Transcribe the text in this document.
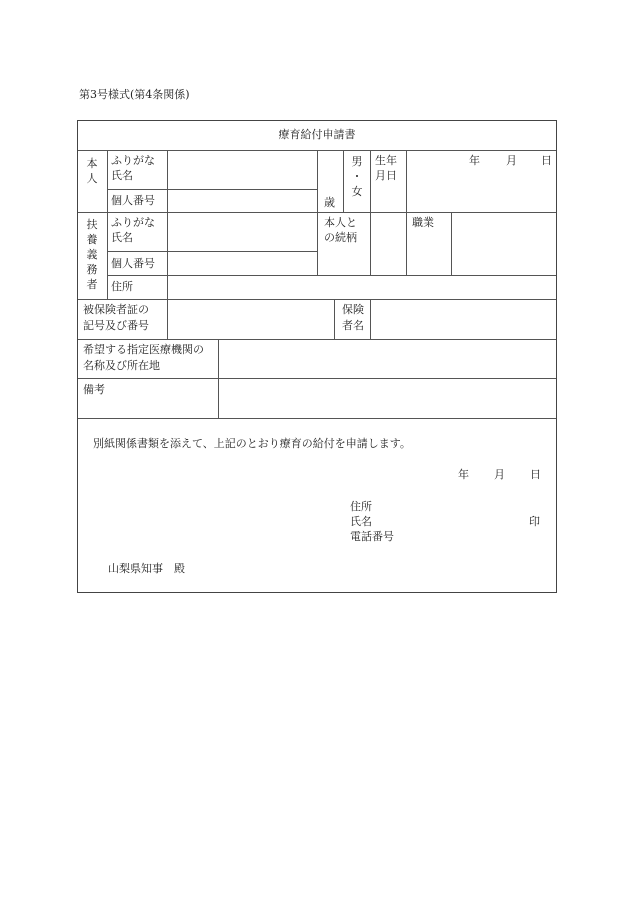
第3号様式(第4条関係)
療育給付申請書
本
人
ふりがな
氏名
個人番号	歳
男
・
女
生年
月日
年 月 日
扶
養
義
務
者
ふりがな
氏名
個人番号
住所
本人と
の続柄
職業
被保険者証の
記号及び番号
保険
者名
希望する指定医療機関の
名称及び所在地
備考
別紙関係書類を添えて、上記のとおり療育の給付を申請します。
年 月 日
住所
氏名	印
電話番号
山梨県知事　殿
